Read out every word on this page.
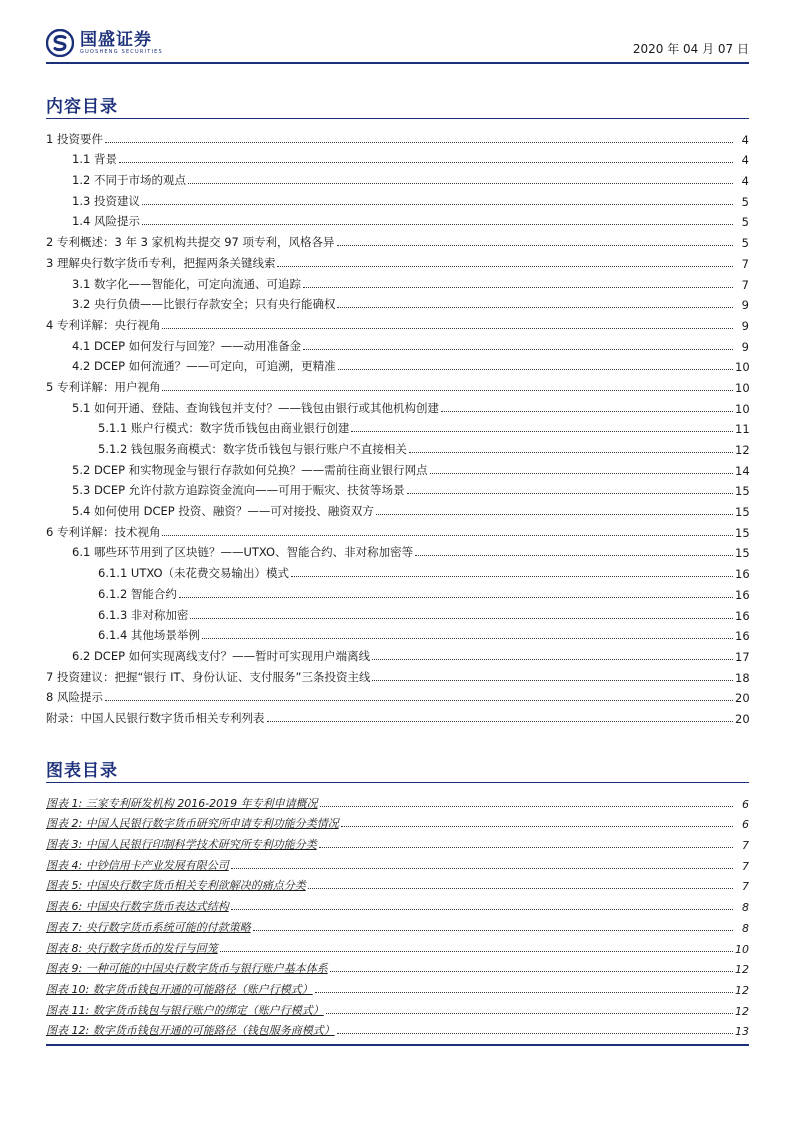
国盛证券
GUOSHENG SECURITIES	2020 年 04 月 07 日
内容目录
1 投资要件	4
1.1 背景	4
1.2 不同于市场的观点	4
1.3 投资建议	5
1.4 风险提示	5
2 专利概述：3 年 3 家机构共提交 97 项专利，风格各异	5
3 理解央行数字货币专利，把握两条关键线索	7
3.1 数字化——智能化，可定向流通、可追踪	7
3.2 央行负债——比银行存款安全；只有央行能确权	9
4 专利详解：央行视角	9
4.1 DCEP 如何发行与回笼？——动用准备金	9
4.2 DCEP 如何流通？——可定向，可追溯，更精准	10
5 专利详解：用户视角	10
5.1 如何开通、登陆、查询钱包并支付？——钱包由银行或其他机构创建	10
5.1.1 账户行模式：数字货币钱包由商业银行创建	11
5.1.2 钱包服务商模式：数字货币钱包与银行账户不直接相关	12
5.2 DCEP 和实物现金与银行存款如何兑换？——需前往商业银行网点	14
5.3 DCEP 允许付款方追踪资金流向——可用于赈灾、扶贫等场景	15
5.4 如何使用 DCEP 投资、融资？——可对接投、融资双方	15
6 专利详解：技术视角	15
6.1 哪些环节用到了区块链？——UTXO、智能合约、非对称加密等	15
6.1.1 UTXO（未花费交易输出）模式	16
6.1.2 智能合约	16
6.1.3 非对称加密	16
6.1.4 其他场景举例	16
6.2 DCEP 如何实现离线支付？——暂时可实现用户端离线	17
7 投资建议：把握“银行 IT、身份认证、支付服务”三条投资主线	18
8 风险提示	20
附录：中国人民银行数字货币相关专利列表	20
图表目录
图表 1: 三家专利研发机构 2016-2019 年专利申请概况	6
图表 2: 中国人民银行数字货币研究所申请专利功能分类情况	6
图表 3: 中国人民银行印制科学技术研究所专利功能分类	7
图表 4: 中钞信用卡产业发展有限公司	7
图表 5: 中国央行数字货币相关专利欲解决的痛点分类	7
图表 6: 中国央行数字货币表达式结构	8
图表 7: 央行数字货币系统可能的付款策略	8
图表 8: 央行数字货币的发行与回笼	10
图表 9: 一种可能的中国央行数字货币与银行账户基本体系	12
图表 10: 数字货币钱包开通的可能路径（账户行模式）	12
图表 11: 数字货币钱包与银行账户的绑定（账户行模式）	12
图表 12: 数字货币钱包开通的可能路径（钱包服务商模式）	13
